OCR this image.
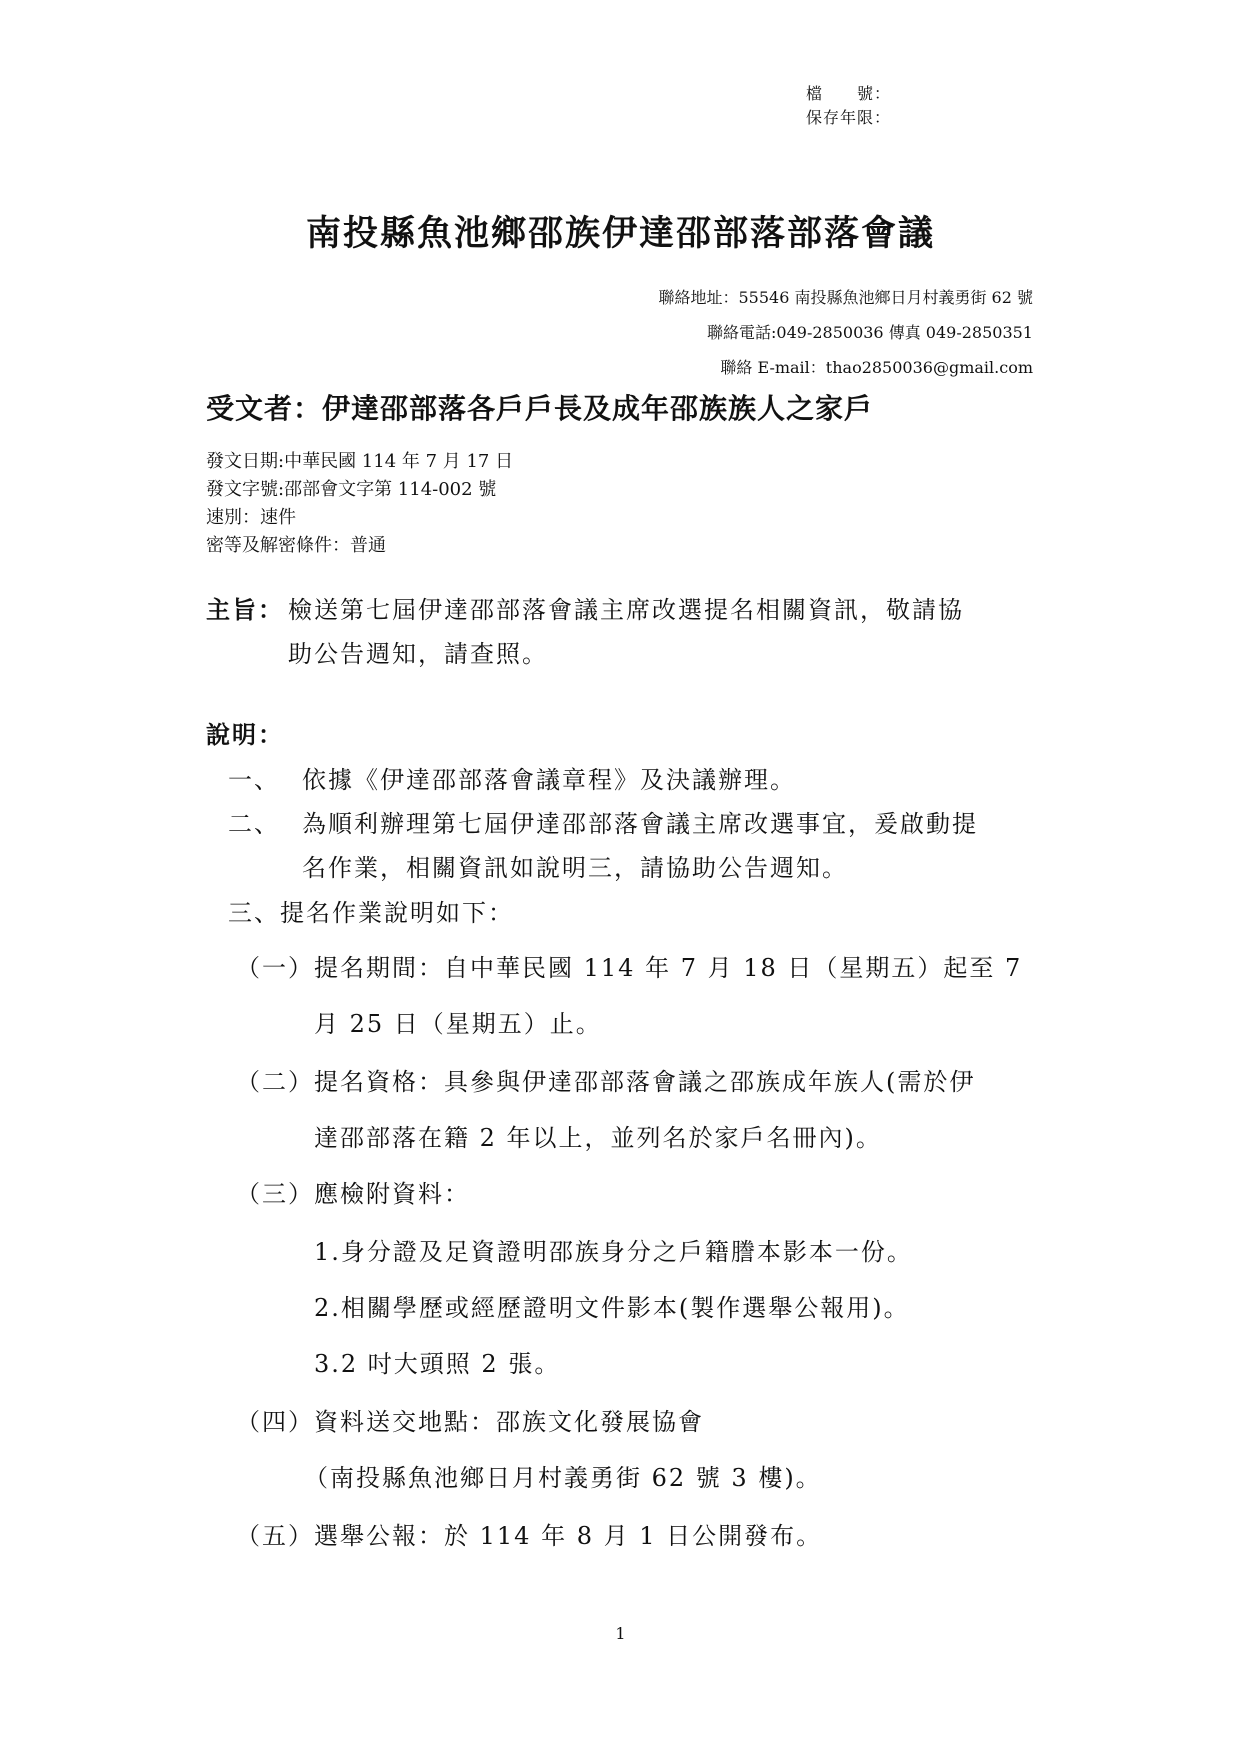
檔　　號：
保存年限：
南投縣魚池鄉邵族伊達邵部落部落會議
聯絡地址：55546 南投縣魚池鄉日月村義勇街 62 號
聯絡電話:049-2850036 傳真 049-2850351
聯絡 E-mail：thao2850036@gmail.com
受文者：伊達邵部落各戶戶長及成年邵族族人之家戶
發文日期:中華民國 114 年 7 月 17 日
發文字號:邵部會文字第 114-002 號
速別：速件
密等及解密條件：普通
主旨： 檢送第七屆伊達邵部落會議主席改選提名相關資訊，敬請協
助公告週知，請查照。
說明：
一、 依據《伊達邵部落會議章程》及決議辦理。
二、 為順利辦理第七屆伊達邵部落會議主席改選事宜，爰啟動提
名作業，相關資訊如說明三，請協助公告週知。
三、提名作業說明如下：
（一） 提名期間：自中華民國 114 年 7 月 18 日（星期五）起至 7
月 25 日（星期五）止。
（二） 提名資格：具參與伊達邵部落會議之邵族成年族人(需於伊
達邵部落在籍 2 年以上，並列名於家戶名冊內)。
（三） 應檢附資料：
1.身分證及足資證明邵族身分之戶籍謄本影本一份。
2.相關學歷或經歷證明文件影本(製作選舉公報用)。
3.2 吋大頭照 2 張。
（四） 資料送交地點：邵族文化發展協會
（南投縣魚池鄉日月村義勇街 62 號 3 樓)。
（五） 選舉公報：於 114 年 8 月 1 日公開發布。
1
